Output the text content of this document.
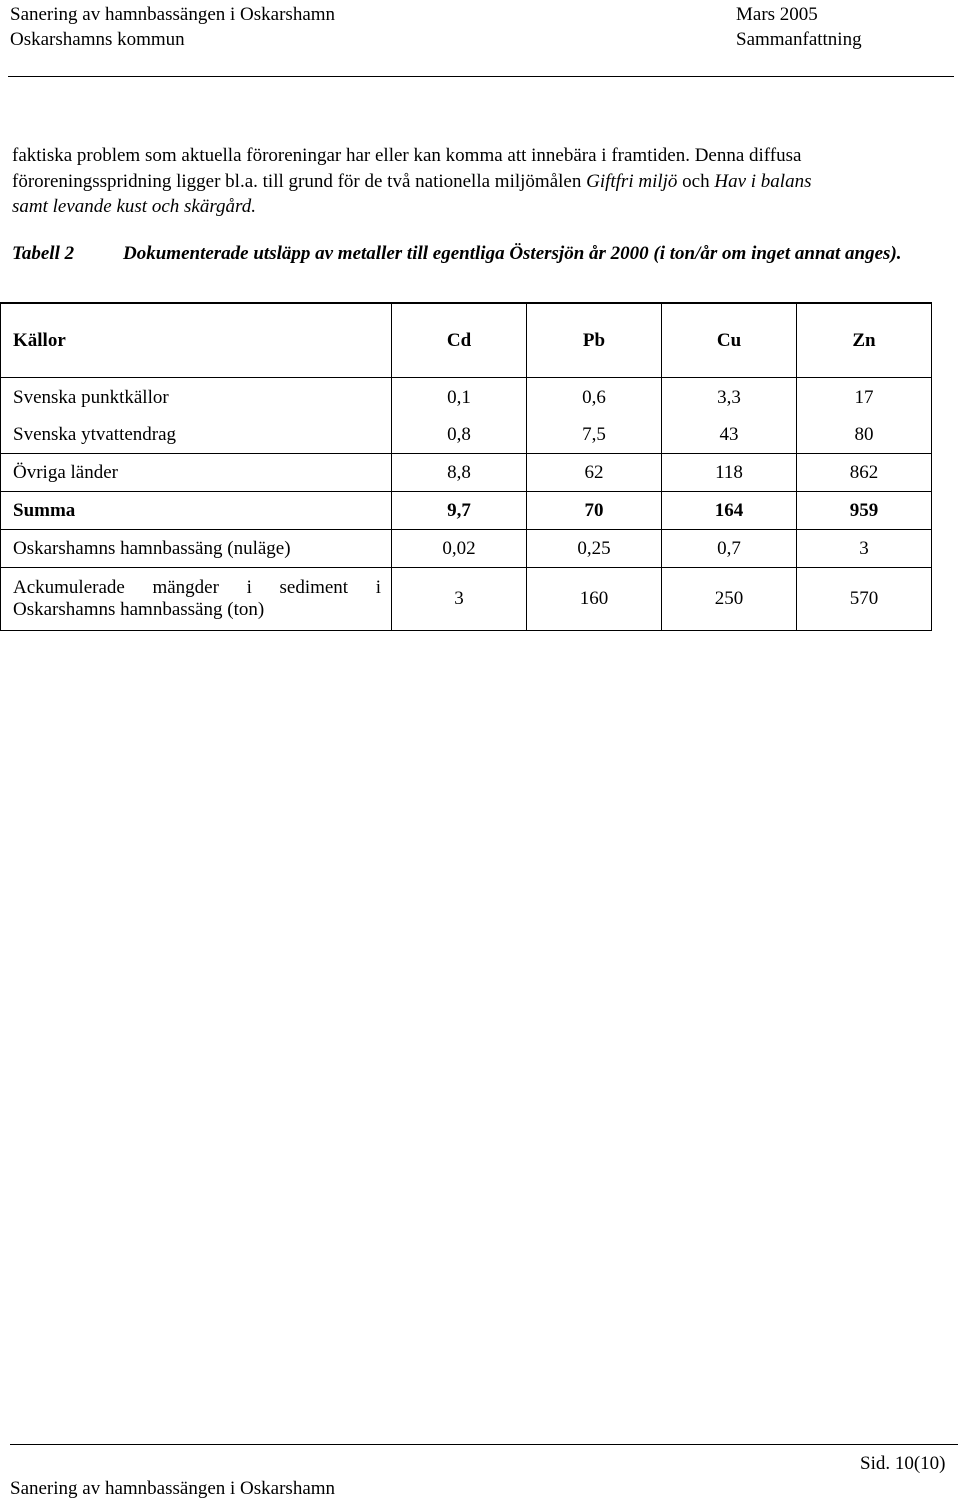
Sanering av hamnbassängen i Oskarshamn
Oskarshamns kommun
Mars 2005
Sammanfattning
faktiska problem som aktuella föroreningar har eller kan komma att innebära i framtiden. Denna diffusa
föroreningsspridning ligger bl.a. till grund för de två nationella miljömålen Giftfri miljö och Hav i balans
samt levande kust och skärgård.
Tabell 2	Dokumenterade utsläpp av metaller till egentliga Östersjön år 2000 (i ton/år om inget annat anges).
Källor	Cd	Pb	Cu	Zn
Svenska punktkällor	0,1	0,6	3,3	17
Svenska ytvattendrag	0,8	7,5	43	80
Övriga länder	8,8	62	118	862
Summa	9,7	70	164	959
Oskarshamns hamnbassäng (nuläge)	0,02	0,25	0,7	3

Ackumulerade mängder i sediment i
Oskarshamns hamnbassäng (ton)	3	160	250	570
Sid. 10(10)
Sanering av hamnbassängen i Oskarshamn
